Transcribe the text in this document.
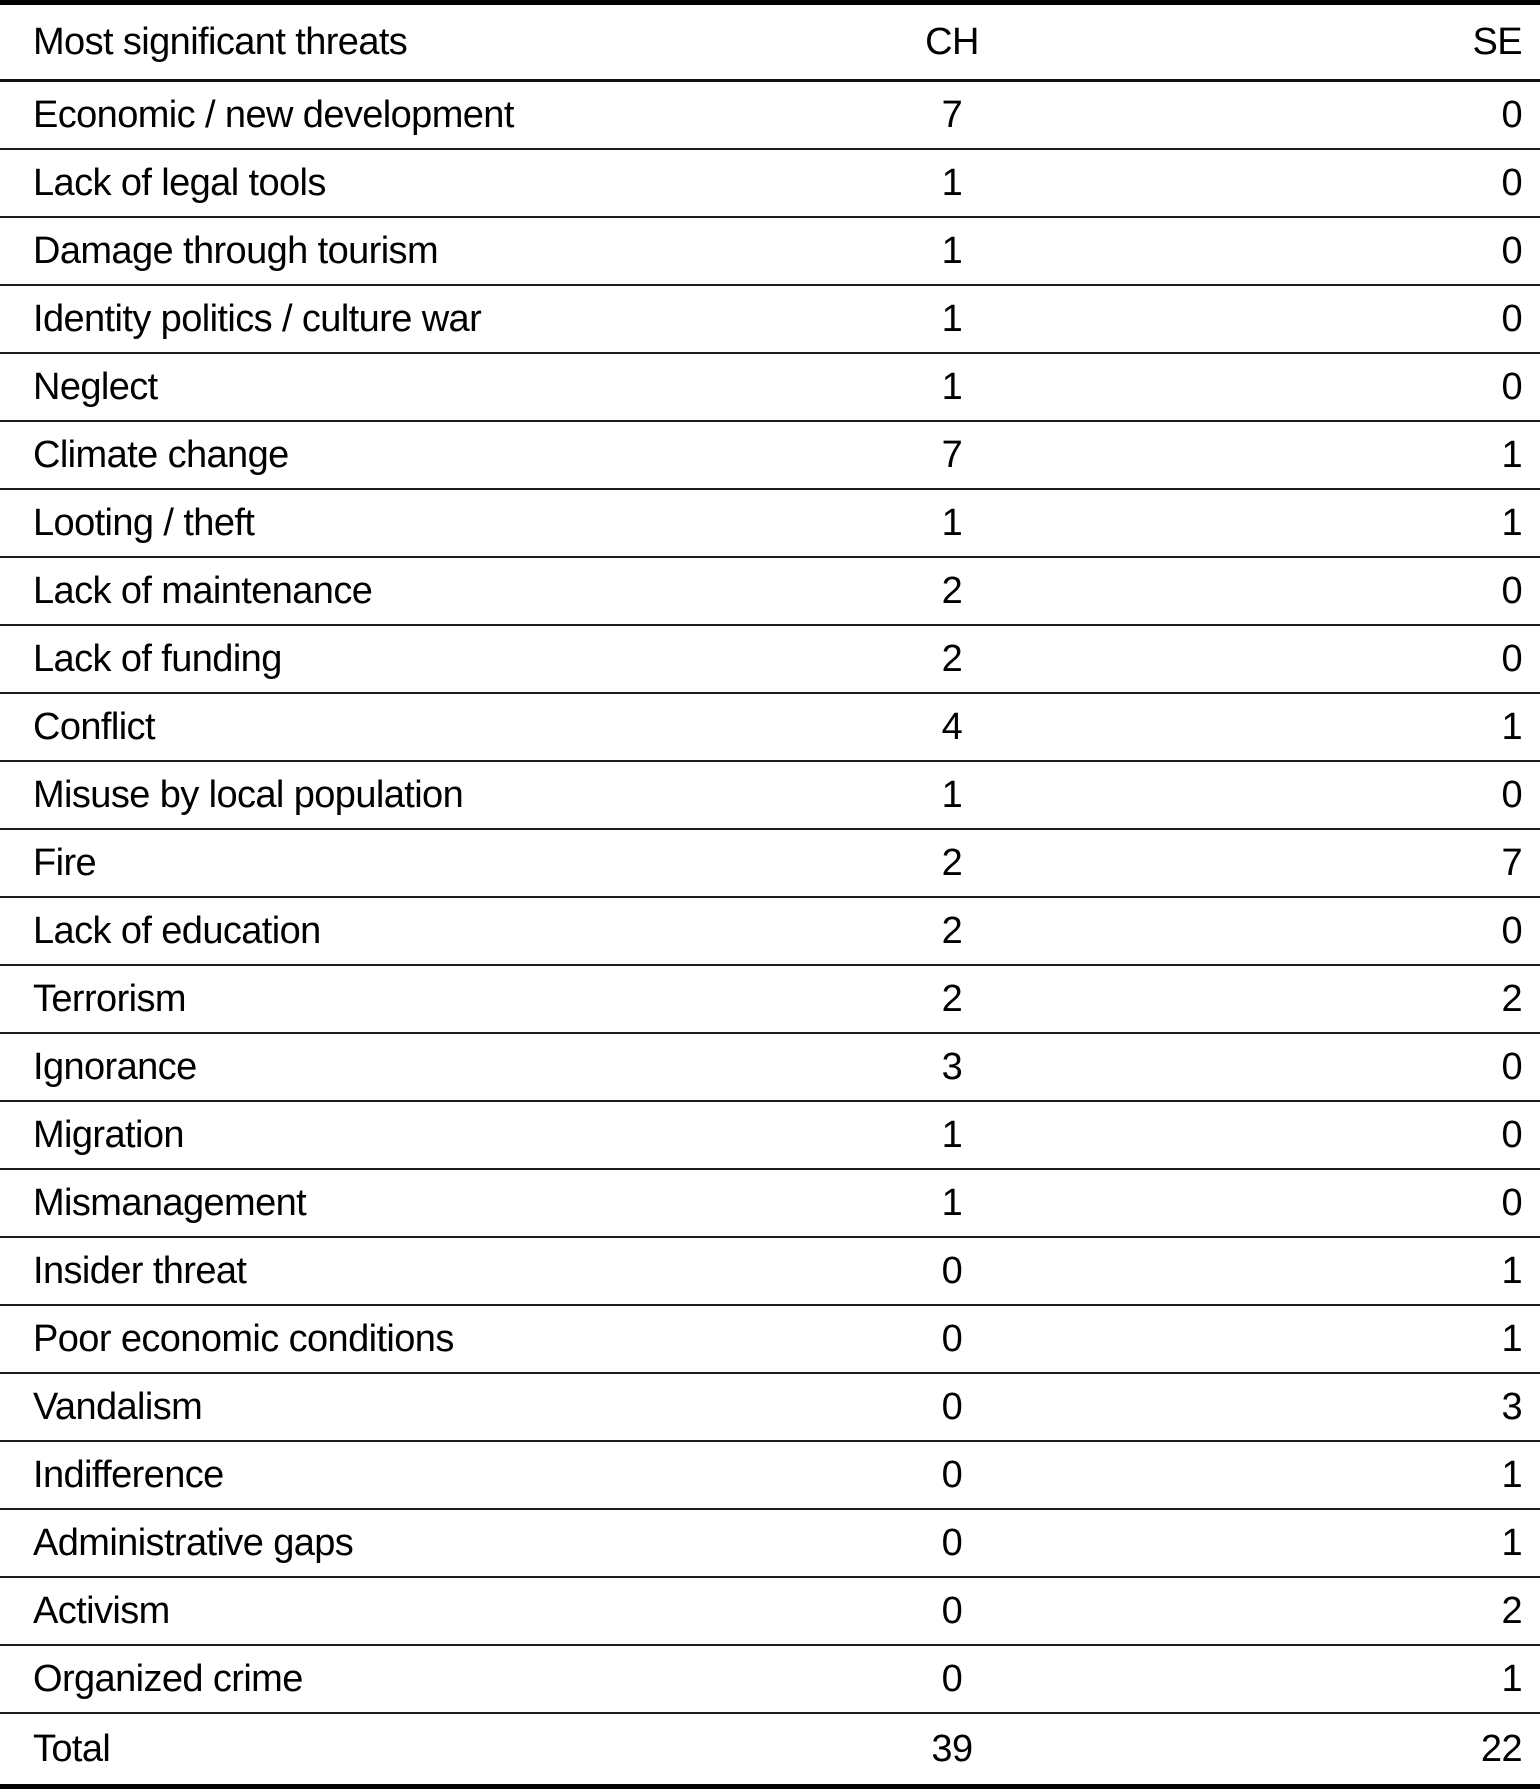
Most significant threats	CH	SE
Economic / new development	7	0
Lack of legal tools	1	0
Damage through tourism	1	0
Identity politics / culture war	1	0
Neglect	1	0
Climate change	7	1
Looting / theft	1	1
Lack of maintenance	2	0
Lack of funding	2	0
Conflict	4	1
Misuse by local population	1	0
Fire	2	7
Lack of education	2	0
Terrorism	2	2
Ignorance	3	0
Migration	1	0
Mismanagement	1	0
Insider threat	0	1
Poor economic conditions	0	1
Vandalism	0	3
Indifference	0	1
Administrative gaps	0	1
Activism	0	2
Organized crime	0	1
Total	39	22
